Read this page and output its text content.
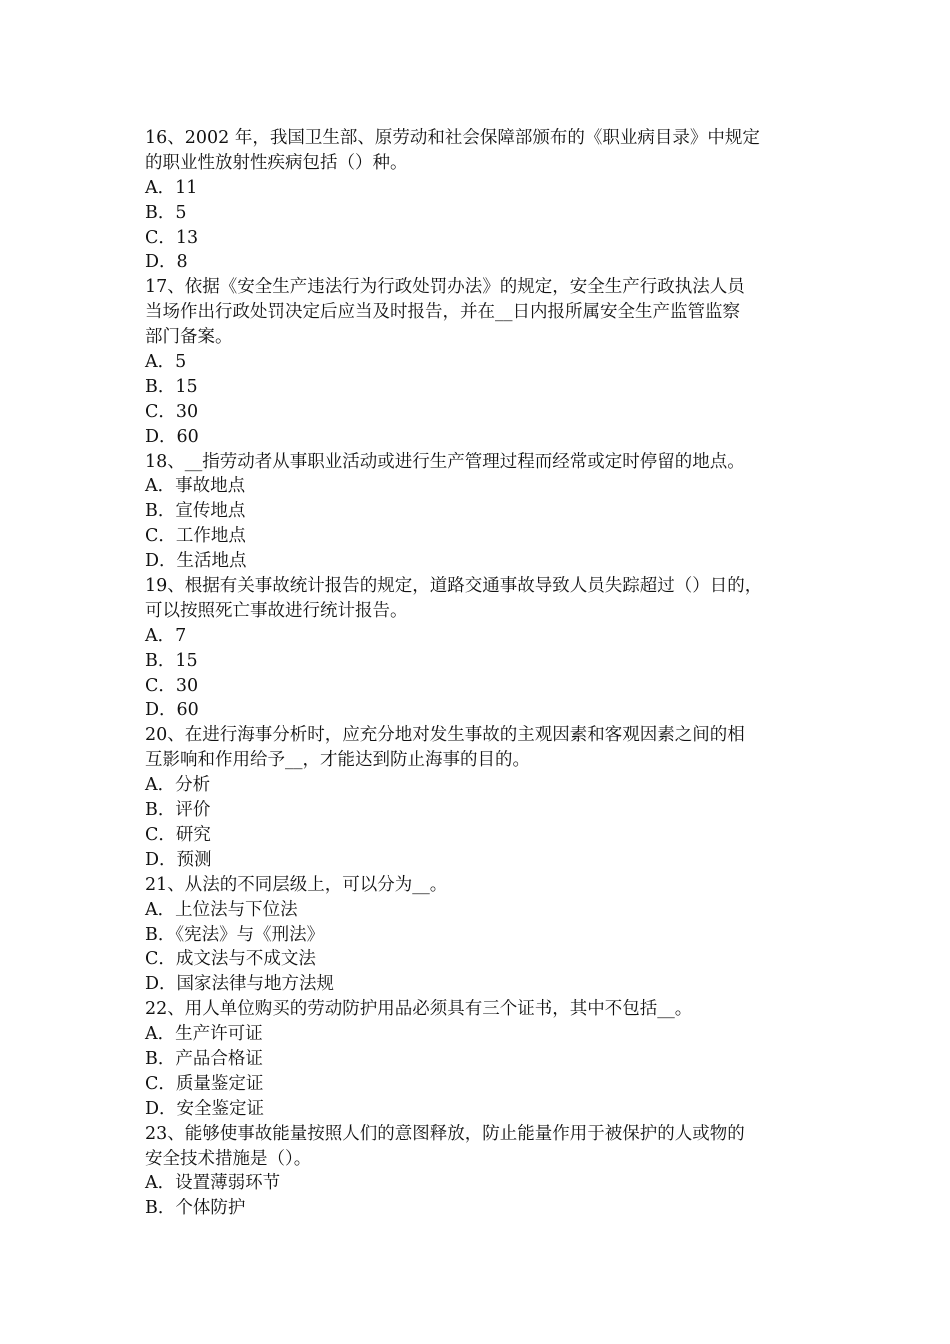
16、2002 年，我国卫生部、原劳动和社会保障部颁布的《职业病目录》中规定
的职业性放射性疾病包括（）种。
A．11
B．5
C．13
D．8
17、依据《安全生产违法行为行政处罚办法》的规定，安全生产行政执法人员
当场作出行政处罚决定后应当及时报告，并在__日内报所属安全生产监管监察
部门备案。
A．5
B．15
C．30
D．60
18、__指劳动者从事职业活动或进行生产管理过程而经常或定时停留的地点。
A．事故地点
B．宣传地点
C．工作地点
D．生活地点
19、根据有关事故统计报告的规定，道路交通事故导致人员失踪超过（）日的，
可以按照死亡事故进行统计报告。
A．7
B．15
C．30
D．60
20、在进行海事分析时，应充分地对发生事故的主观因素和客观因素之间的相
互影响和作用给予__，才能达到防止海事的目的。
A．分析
B．评价
C．研究
D．预测
21、从法的不同层级上，可以分为__。
A．上位法与下位法
B．《宪法》与《刑法》
C．成文法与不成文法
D．国家法律与地方法规
22、用人单位购买的劳动防护用品必须具有三个证书，其中不包括__。
A．生产许可证
B．产品合格证
C．质量鉴定证
D．安全鉴定证
23、能够使事故能量按照人们的意图释放，防止能量作用于被保护的人或物的
安全技术措施是（）。
A．设置薄弱环节
B．个体防护
